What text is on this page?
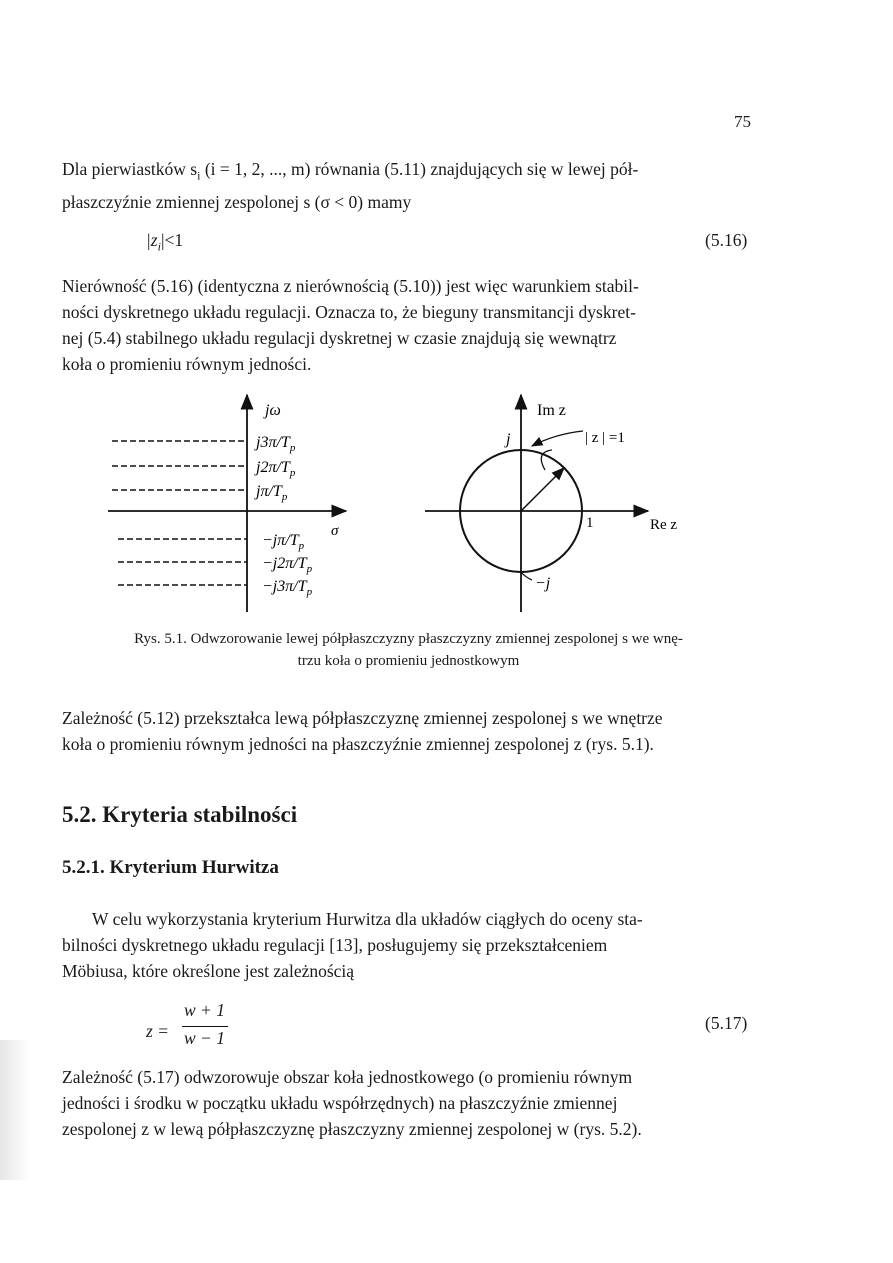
75
Dla pierwiastków $s_i$ (i = 1, 2, ..., m) równania (5.11) znajdujących się w lewej pół-
płaszczyźnie zmiennej zespolonej s (σ < 0) mamy
$|z_i|<1$	(5.16)
Nierówność (5.16) (identyczna z nierównością (5.10)) jest więc warunkiem stabil-
ności dyskretnego układu regulacji. Oznacza to, że bieguny transmitancji dyskret-
nej (5.4) stabilnego układu regulacji dyskretnej w czasie znajdują się wewnątrz
koła o promieniu równym jedności.
jω
σ
$j3\pi/T_p$
$j2\pi/T_p$
$j\pi/T_p$
$-j\pi/T_p$
$-j2\pi/T_p$
$-j3\pi/T_p$
Im z
Re z
j
−j
1
| z | =1
Rys. 5.1. Odwzorowanie lewej półpłaszczyzny płaszczyzny zmiennej zespolonej s we wnę-
trzu koła o promieniu jednostkowym
Zależność (5.12) przekształca lewą półpłaszczyznę zmiennej zespolonej s we wnętrze
koła o promieniu równym jedności na płaszczyźnie zmiennej zespolonej z (rys. 5.1).
5.2. Kryteria stabilności
5.2.1. Kryterium Hurwitza
W celu wykorzystania kryterium Hurwitza dla układów ciągłych do oceny sta-
bilności dyskretnego układu regulacji [13], posługujemy się przekształceniem
Möbiusa, które określone jest zależnością
z =
w + 1
w − 1
(5.17)
Zależność (5.17) odwzorowuje obszar koła jednostkowego (o promieniu równym
jedności i środku w początku układu współrzędnych) na płaszczyźnie zmiennej
zespolonej z w lewą półpłaszczyznę płaszczyzny zmiennej zespolonej w (rys. 5.2).
